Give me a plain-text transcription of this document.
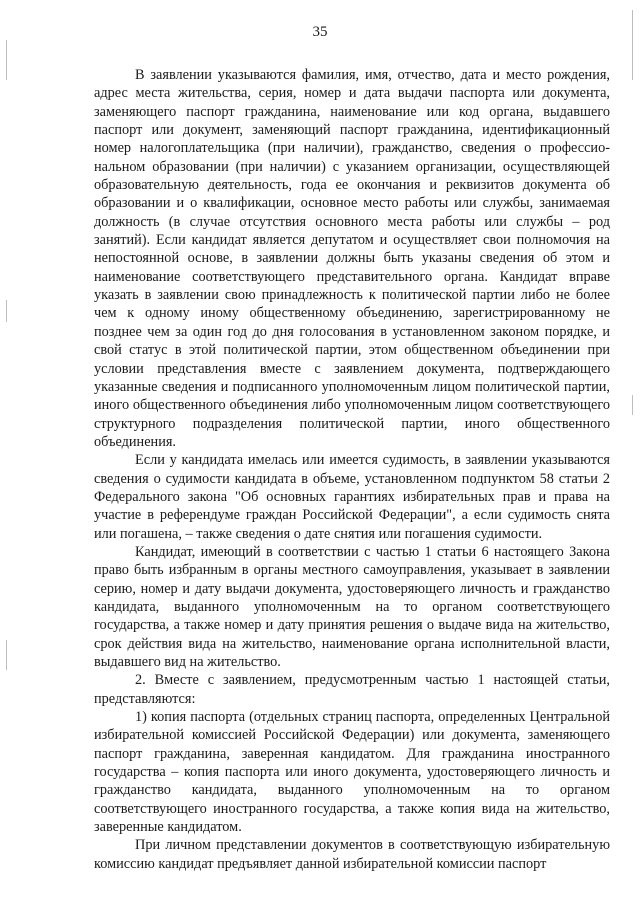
35

В заявлении указываются фамилия, имя, отчество, дата и место рождения, адрес места жительства, серия, номер и дата выдачи паспорта или документа, заменяющего паспорт гражданина, наименование или код органа, выдавшего паспорт или документ, заменяющий паспорт гражданина, идентификационный номер налогоплательщика (при наличии), гражданство, сведения о профессиональном образовании (при наличии) с указанием организации, осуществляющей образовательную деятельность, года ее окончания и реквизитов документа об образовании и о квалификации, основное место работы или службы, занимаемая должность (в случае отсутствия основного места работы или службы – род занятий). Если кандидат является депутатом и осуществляет свои полномочия на непостоянной основе, в заявлении должны быть указаны сведения об этом и наименование соответствующего представительного органа. Кандидат вправе указать в заявлении свою принадлежность к политической партии либо не более чем к одному иному общественному объединению, зарегистрированному не позднее чем за один год до дня голосования в установленном законом порядке, и свой статус в этой политической партии, этом общественном объединении при условии представления вместе с заявлением документа, подтверждающего указанные сведения и подписанного уполномоченным лицом политической партии, иного общественного объединения либо уполномоченным лицом соответствующего структурного подразделения политической партии, иного общественного объединения.

Если у кандидата имелась или имеется судимость, в заявлении указываются сведения о судимости кандидата в объеме, установленном подпунктом 58 статьи 2 Федерального закона "Об основных гарантиях избирательных прав и права на участие в референдуме граждан Российской Федерации", а если судимость снята или погашена, – также сведения о дате снятия или погашения судимости.

Кандидат, имеющий в соответствии с частью 1 статьи 6 настоящего Закона право быть избранным в органы местного самоуправления, указывает в заявлении серию, номер и дату выдачи документа, удостоверяющего личность и гражданство кандидата, выданного уполномоченным на то органом соответствующего государства, а также номер и дату принятия решения о выдаче вида на жительство, срок действия вида на жительство, наименование органа исполнительной власти, выдавшего вид на жительство.

2. Вместе с заявлением, предусмотренным частью 1 настоящей статьи, представляются:

1) копия паспорта (отдельных страниц паспорта, определенных Центральной избирательной комиссией Российской Федерации) или документа, заменяющего паспорт гражданина, заверенная кандидатом. Для гражданина иностранного государства – копия паспорта или иного документа, удостоверяющего личность и гражданство кандидата, выданного уполномоченным на то органом соответствующего иностранного государства, а также копия вида на жительство, заверенные кандидатом.

При личном представлении документов в соответствующую избирательную комиссию кандидат предъявляет данной избирательной комиссии паспорт
